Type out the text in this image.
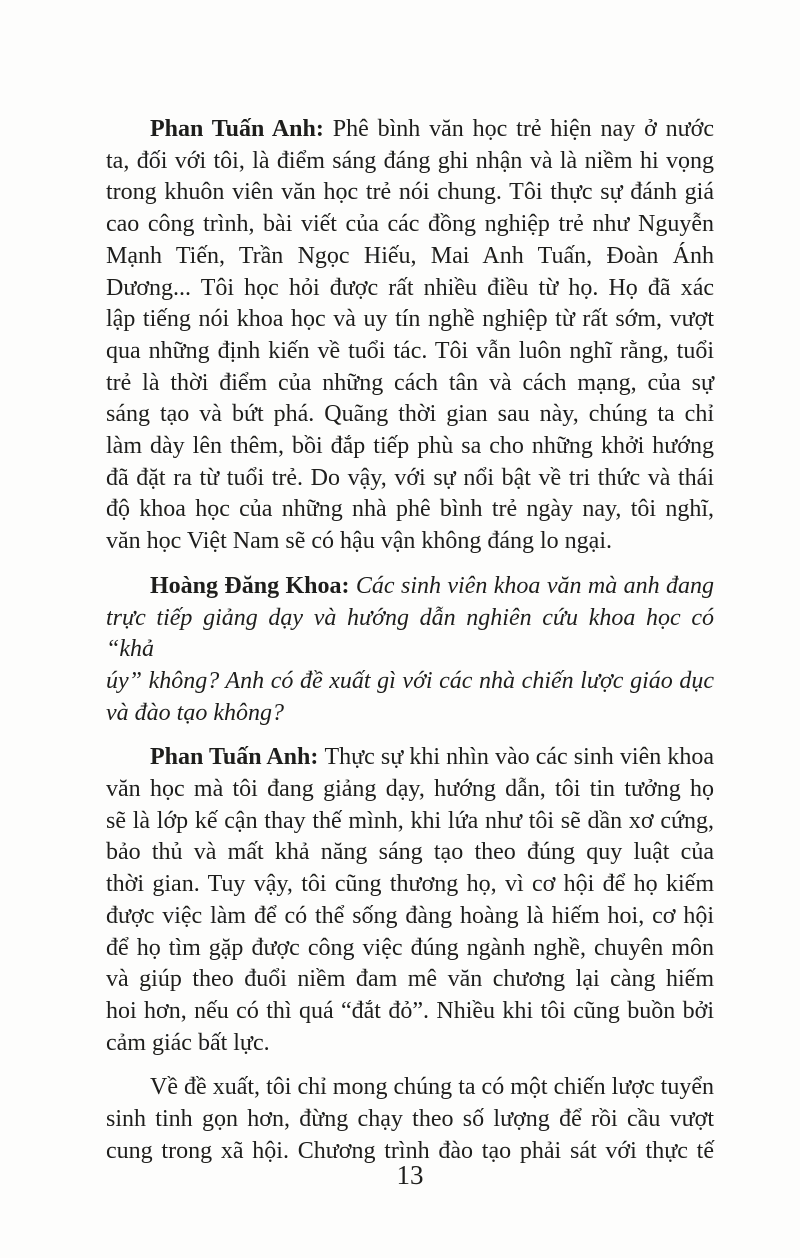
Phan Tuấn Anh: Phê bình văn học trẻ hiện nay ở nước
ta, đối với tôi, là điểm sáng đáng ghi nhận và là niềm hi vọng
trong khuôn viên văn học trẻ nói chung. Tôi thực sự đánh giá
cao công trình, bài viết của các đồng nghiệp trẻ như Nguyễn
Mạnh Tiến, Trần Ngọc Hiếu, Mai Anh Tuấn, Đoàn Ánh
Dương... Tôi học hỏi được rất nhiều điều từ họ. Họ đã xác
lập tiếng nói khoa học và uy tín nghề nghiệp từ rất sớm, vượt
qua những định kiến về tuổi tác. Tôi vẫn luôn nghĩ rằng, tuổi
trẻ là thời điểm của những cách tân và cách mạng, của sự
sáng tạo và bứt phá. Quãng thời gian sau này, chúng ta chỉ
làm dày lên thêm, bồi đắp tiếp phù sa cho những khởi hướng
đã đặt ra từ tuổi trẻ. Do vậy, với sự nổi bật về tri thức và thái
độ khoa học của những nhà phê bình trẻ ngày nay, tôi nghĩ,
văn học Việt Nam sẽ có hậu vận không đáng lo ngại.
Hoàng Đăng Khoa: Các sinh viên khoa văn mà anh đang
trực tiếp giảng dạy và hướng dẫn nghiên cứu khoa học có “khả
úy” không? Anh có đề xuất gì với các nhà chiến lược giáo dục
và đào tạo không?
Phan Tuấn Anh: Thực sự khi nhìn vào các sinh viên khoa
văn học mà tôi đang giảng dạy, hướng dẫn, tôi tin tưởng họ
sẽ là lớp kế cận thay thế mình, khi lứa như tôi sẽ dần xơ cứng,
bảo thủ và mất khả năng sáng tạo theo đúng quy luật của
thời gian. Tuy vậy, tôi cũng thương họ, vì cơ hội để họ kiếm
được việc làm để có thể sống đàng hoàng là hiếm hoi, cơ hội
để họ tìm gặp được công việc đúng ngành nghề, chuyên môn
và giúp theo đuổi niềm đam mê văn chương lại càng hiếm
hoi hơn, nếu có thì quá “đắt đỏ”. Nhiều khi tôi cũng buồn bởi
cảm giác bất lực.
Về đề xuất, tôi chỉ mong chúng ta có một chiến lược tuyển
sinh tinh gọn hơn, đừng chạy theo số lượng để rồi cầu vượt
cung trong xã hội. Chương trình đào tạo phải sát với thực tế
13
